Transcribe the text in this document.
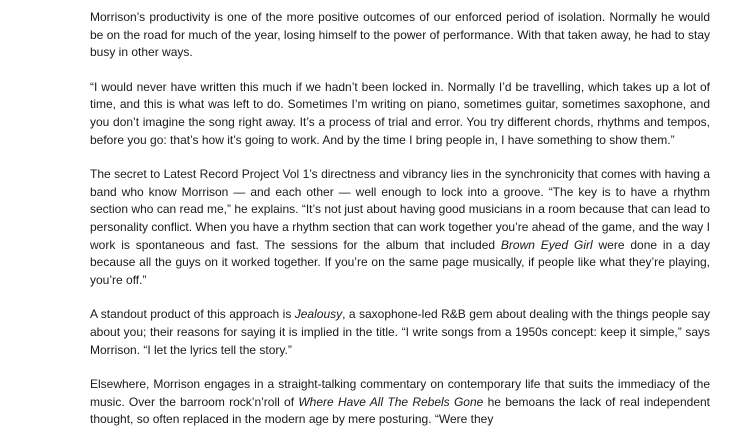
Morrison’s productivity is one of the more positive outcomes of our enforced period of isolation. Normally he would be on the road for much of the year, losing himself to the power of performance. With that taken away, he had to stay busy in other ways.

“I would never have written this much if we hadn’t been locked in. Normally I’d be travelling, which takes up a lot of time, and this is what was left to do. Sometimes I’m writing on piano, sometimes guitar, sometimes saxophone, and you don’t imagine the song right away. It’s a process of trial and error. You try different chords, rhythms and tempos, before you go: that’s how it’s going to work. And by the time I bring people in, I have something to show them.”

The secret to Latest Record Project Vol 1’s directness and vibrancy lies in the synchronicity that comes with having a band who know Morrison — and each other — well enough to lock into a groove. “The key is to have a rhythm section who can read me,” he explains. “It’s not just about having good musicians in a room because that can lead to personality conflict. When you have a rhythm section that can work together you’re ahead of the game, and the way I work is spontaneous and fast. The sessions for the album that included Brown Eyed Girl were done in a day because all the guys on it worked together. If you’re on the same page musically, if people like what they’re playing, you’re off.”

A standout product of this approach is Jealousy, a saxophone-led R&B gem about dealing with the things people say about you; their reasons for saying it is implied in the title. “I write songs from a 1950s concept: keep it simple,” says Morrison. “I let the lyrics tell the story.”

Elsewhere, Morrison engages in a straight-talking commentary on contemporary life that suits the immediacy of the music. Over the barroom rock’n’roll of Where Have All The Rebels Gone he bemoans the lack of real independent thought, so often replaced in the modern age by mere posturing. “Were they
